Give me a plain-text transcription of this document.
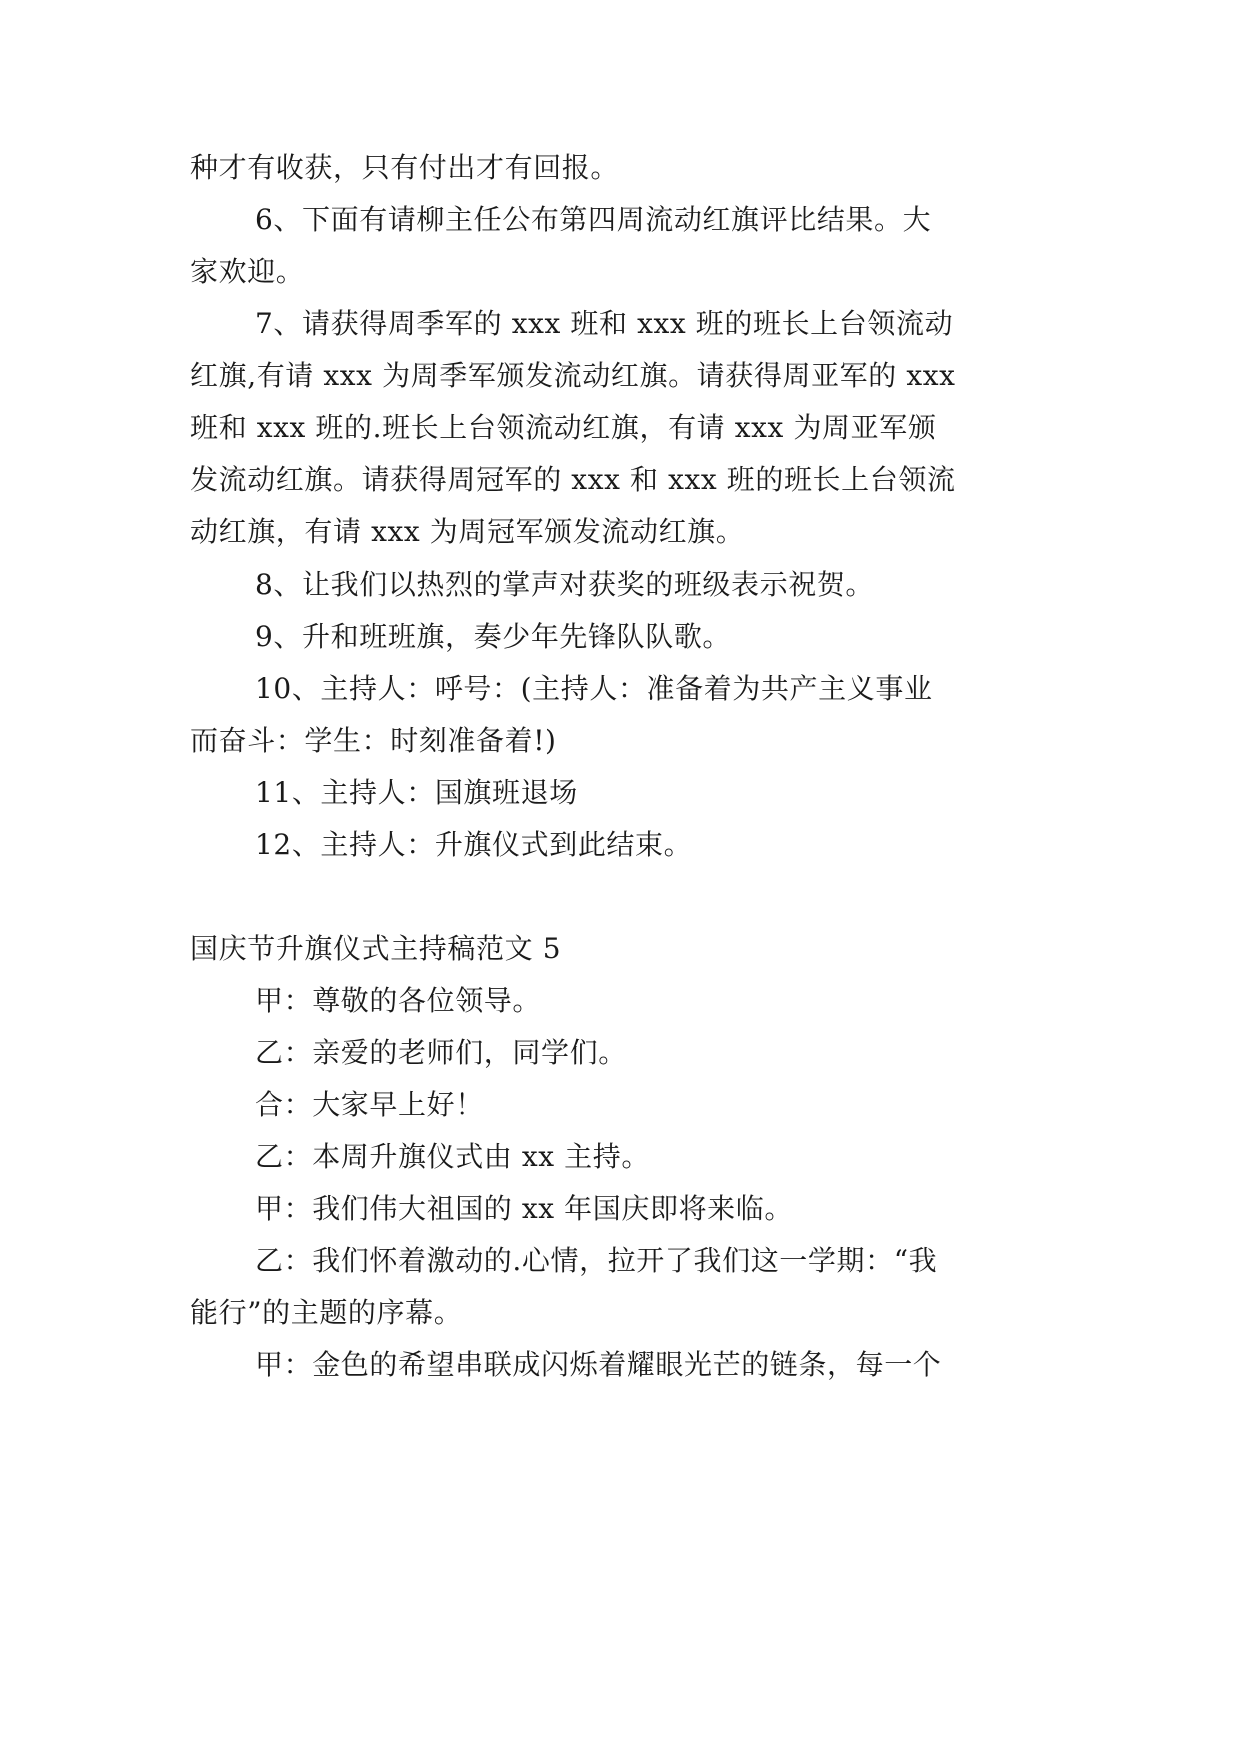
种才有收获，只有付出才有回报。
6、下面有请柳主任公布第四周流动红旗评比结果。大
家欢迎。
7、请获得周季军的 xxx 班和 xxx 班的班长上台领流动
红旗,有请 xxx 为周季军颁发流动红旗。请获得周亚军的 xxx
班和 xxx 班的.班长上台领流动红旗，有请 xxx 为周亚军颁
发流动红旗。请获得周冠军的 xxx 和 xxx 班的班长上台领流
动红旗，有请 xxx 为周冠军颁发流动红旗。
8、让我们以热烈的掌声对获奖的班级表示祝贺。
9、升和班班旗，奏少年先锋队队歌。
10、主持人：呼号：(主持人：准备着为共产主义事业
而奋斗：学生：时刻准备着!)
11、主持人：国旗班退场
12、主持人：升旗仪式到此结束。
国庆节升旗仪式主持稿范文 5
甲：尊敬的各位领导。
乙：亲爱的老师们，同学们。
合：大家早上好！
乙：本周升旗仪式由 xx 主持。
甲：我们伟大祖国的 xx 年国庆即将来临。
乙：我们怀着激动的.心情，拉开了我们这一学期：“我
能行”的主题的序幕。
甲：金色的希望串联成闪烁着耀眼光芒的链条，每一个
